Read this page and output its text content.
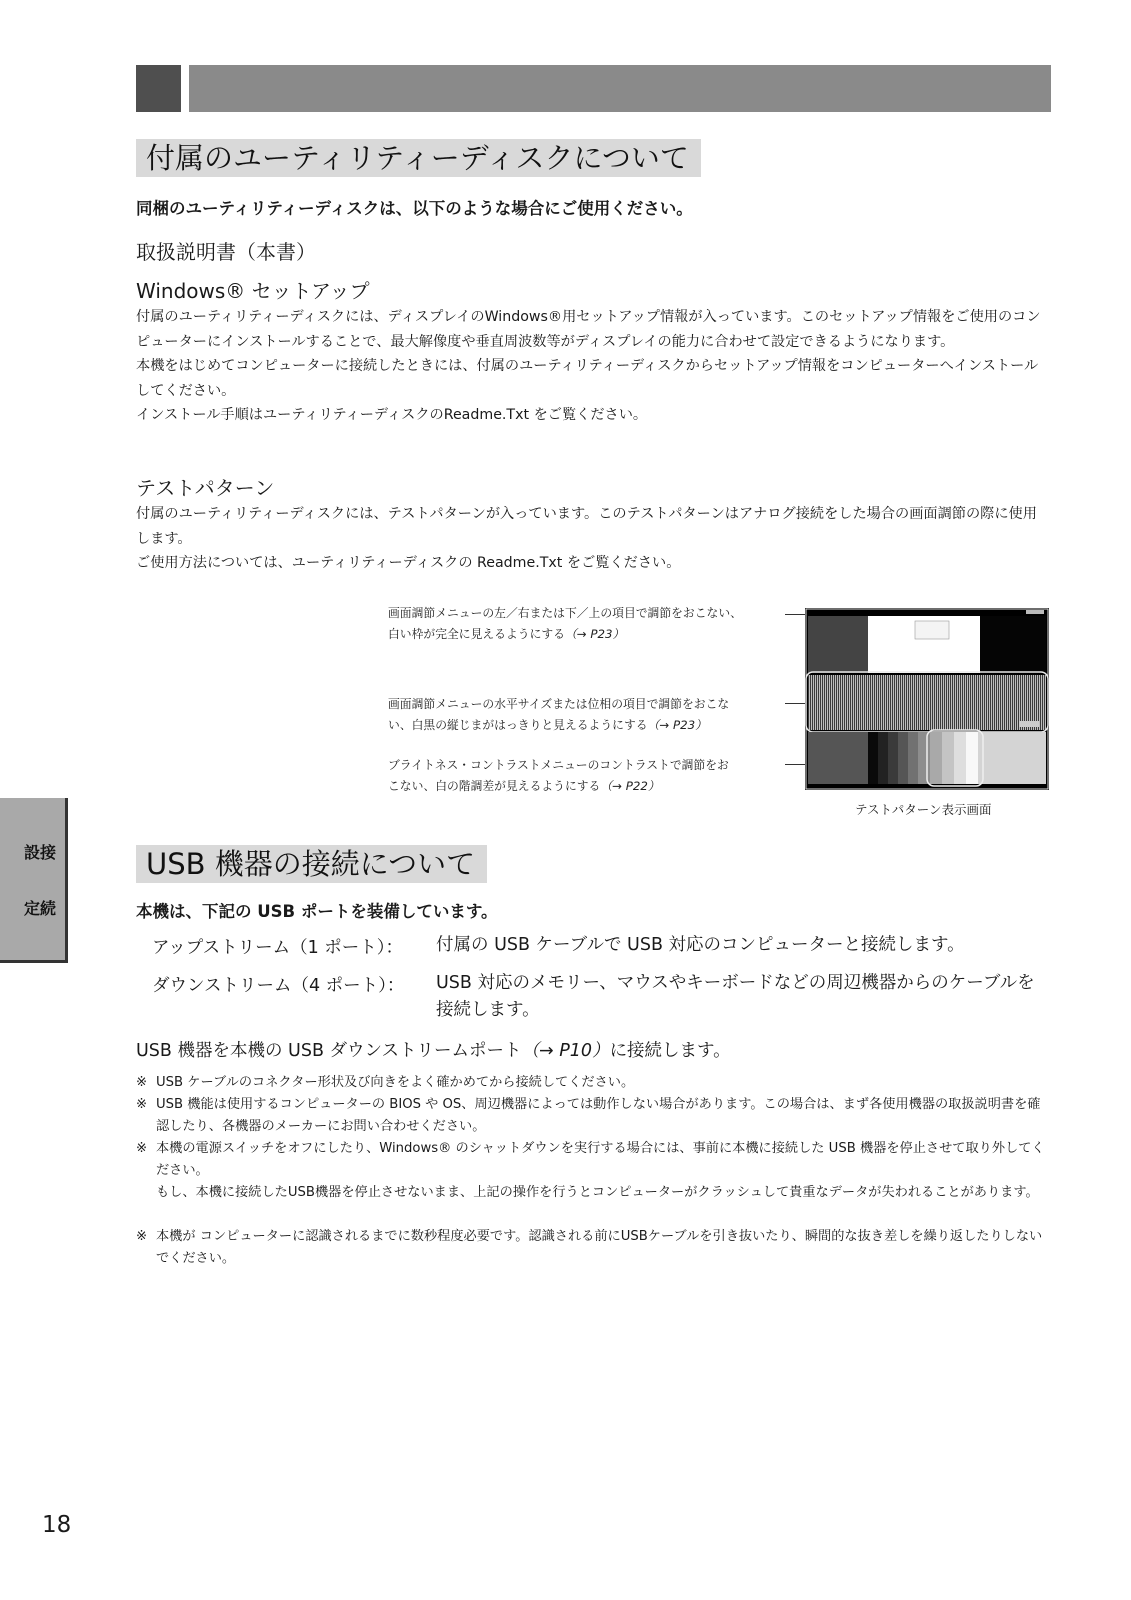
付属のユーティリティーディスクについて
同梱のユーティリティーディスクは、以下のような場合にご使用ください。
取扱説明書（本書）
Windows® セットアップ

付属のユーティリティーディスクには、ディスプレイのWindows®用セットアップ情報が入っています。このセットアップ情報をご使用のコンピューターにインストールすることで、最大解像度や垂直周波数等がディスプレイの能力に合わせて設定できるようになります。

本機をはじめてコンピューターに接続したときには、付属のユーティリティーディスクからセットアップ情報をコンピューターへインストールしてください。

インストール手順はユーティリティーディスクのReadme.Txt をご覧ください。

テストパターン

付属のユーティリティーディスクには、テストパターンが入っています。このテストパターンはアナログ接続をした場合の画面調節の際に使用します。

ご使用方法については、ユーティリティーディスクの Readme.Txt をご覧ください。

画面調節メニューの左／右または下／上の項目で調節をおこない、
白い枠が完全に見えるようにする（→ P23）
画面調節メニューの水平サイズまたは位相の項目で調節をおこな
い、白黒の縦じまがはっきりと見えるようにする（→ P23）
ブライトネス・コントラストメニューのコントラストで調節をお
こない、白の階調差が見えるようにする（→ P22）
テストパターン表示画面
設接
定続
USB 機器の接続について
本機は、下記の USB ポートを装備しています。
アップストリーム（1 ポート）： 付属の USB ケーブルで USB 対応のコンピューターと接続します。
ダウンストリーム（4 ポート）： USB 対応のメモリー、マウスやキーボードなどの周辺機器からのケーブルを接続します。
USB 機器を本機の USB ダウンストリームポート（→ P10）に接続します。
※ USB ケーブルのコネクター形状及び向きをよく確かめてから接続してください。
※ USB 機能は使用するコンピューターの BIOS や OS、周辺機器によっては動作しない場合があります。この場合は、まず各使用機器の取扱説明書を確認したり、各機器のメーカーにお問い合わせください。
※ 本機の電源スイッチをオフにしたり、Windows® のシャットダウンを実行する場合には、事前に本機に接続した USB 機器を停止させて取り外してください。
もし、本機に接続したUSB機器を停止させないまま、上記の操作を行うとコンピューターがクラッシュして貴重なデータが失われることがあります。
※ 本機が コンピューターに認識されるまでに数秒程度必要です。認識される前にUSBケーブルを引き抜いたり、瞬間的な抜き差しを繰り返したりしないでください。
18
